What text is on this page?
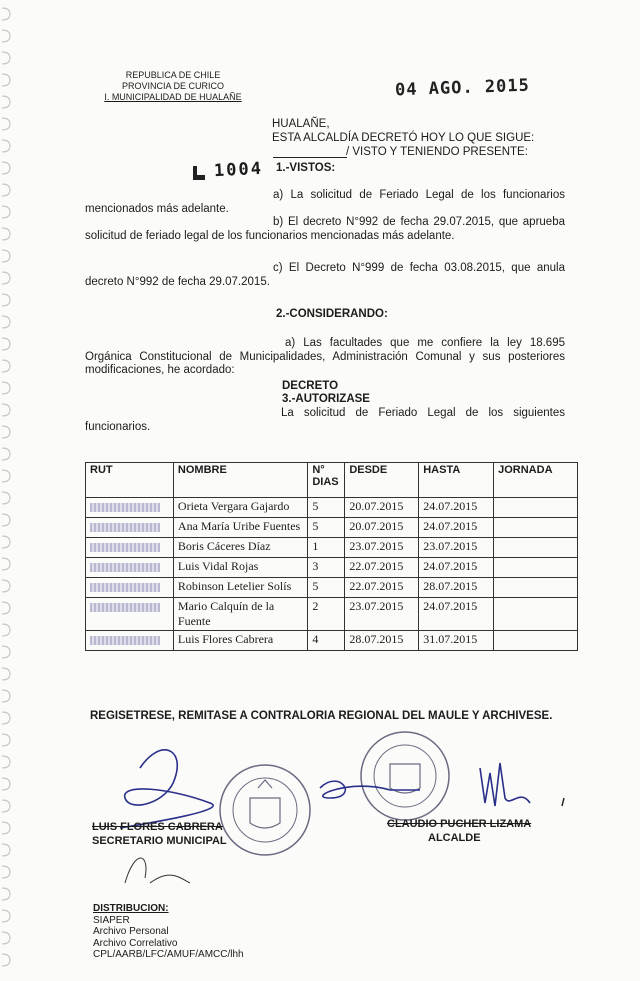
REPUBLICA DE CHILE
PROVINCIA DE CURICO
I. MUNICIPALIDAD DE HUALAÑE	04 AGO. 2015
HUALAÑE,
ESTA ALCALDÍA DECRETÓ HOY LO QUE SIGUE:
/ VISTO Y TENIENDO PRESENTE:
1004 1.-VISTOS:
a) La solicitud de Feriado Legal de los funcionarios mencionados más adelante.
b) El decreto N°992 de fecha 29.07.2015, que aprueba solicitud de feriado legal de los funcionarios mencionadas más adelante.
c) El Decreto N°999 de fecha 03.08.2015, que anula decreto N°992 de fecha 29.07.2015.
2.-CONSIDERANDO:
a) Las facultades que me confiere la ley 18.695 Orgánica Constitucional de Municipalidades, Administración Comunal y sus posteriores modificaciones, he acordado:
DECRETO
3.-AUTORIZASE
La solicitud de Feriado Legal de los siguientes funcionarios.
RUT	NOMBRE	N° DIAS	DESDE	HASTA	JORNADA
	Orieta Vergara Gajardo	5	20.07.2015	24.07.2015	
	Ana María Uribe Fuentes	5	20.07.2015	24.07.2015	
	Boris Cáceres Díaz	1	23.07.2015	23.07.2015	
	Luis Vidal Rojas	3	22.07.2015	24.07.2015	
	Robinson Letelier Solís	5	22.07.2015	28.07.2015	
	Mario Calquín de la Fuente	2	23.07.2015	24.07.2015	
	Luis Flores Cabrera	4	28.07.2015	31.07.2015	
REGISETRESE, REMITASE A CONTRALORIA REGIONAL DEL MAULE Y ARCHIVESE.
LUIS FLORES CABRERA
SECRETARIO MUNICIPAL
CLAUDIO PUCHER LIZAMA
ALCALDE
DISTRIBUCION:
SIAPER
Archivo Personal
Archivo Correlativo
CPL/AARB/LFC/AMUF/AMCC/lhh
